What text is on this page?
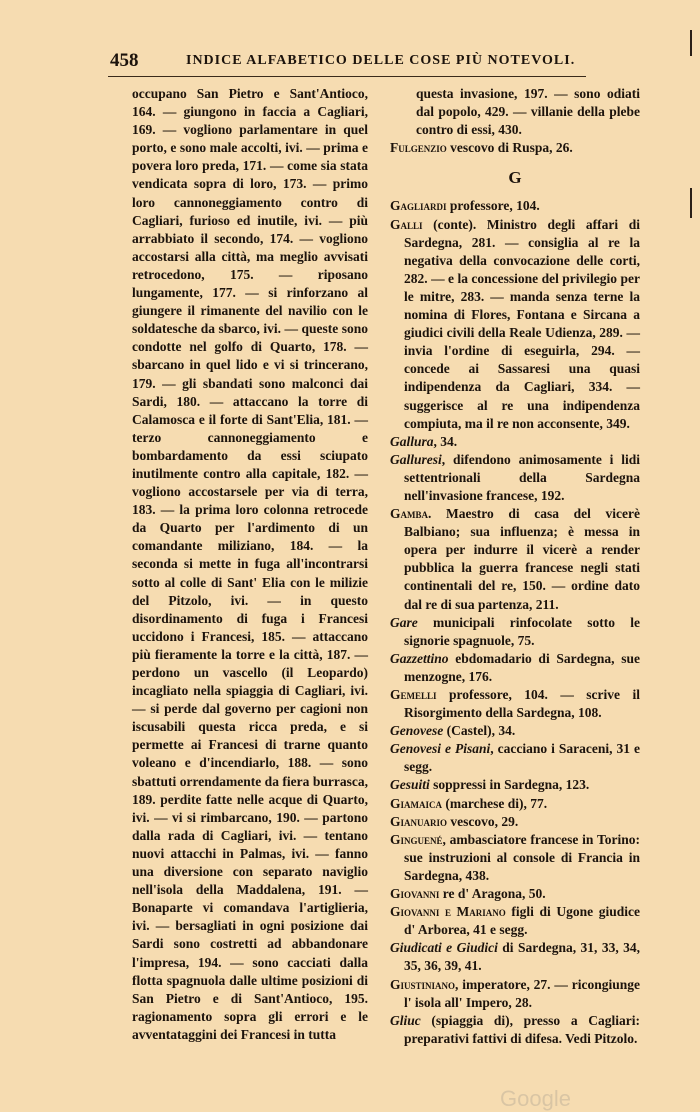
458	INDICE ALFABETICO DELLE COSE PIÙ NOTEVOLI.

occupano San Pietro e Sant'Antioco, 164. — giungono in faccia a Cagliari, 169. — vogliono parlamentare in quel porto, e sono male accolti, ivi. — prima e povera loro preda, 171. — come sia stata vendicata sopra di loro, 173. — primo loro cannoneggiamento contro di Cagliari, furioso ed inutile, ivi. — più arrabbiato il secondo, 174. — vogliono accostarsi alla città, ma meglio avvisati retrocedono, 175. — riposano lungamente, 177. — si rinforzano al giungere il rimanente del navilio con le soldatesche da sbarco, ivi. — queste sono condotte nel golfo di Quarto, 178. — sbarcano in quel lido e vi si trincerano, 179. — gli sbandati sono malconci dai Sardi, 180. — attaccano la torre di Calamosca e il forte di Sant'Elia, 181. — terzo cannoneggiamento e bombardamento da essi sciupato inutilmente contro alla capitale, 182. — vogliono accostarsele per via di terra, 183. — la prima loro colonna retrocede da Quarto per l'ardimento di un comandante miliziano, 184. — la seconda si mette in fuga all'incontrarsi sotto al colle di Sant' Elia con le milizie del Pitzolo, ivi. — in questo disordinamento di fuga i Francesi uccidono i Francesi, 185. — attaccano più fieramente la torre e la città, 187. — perdono un vascello (il Leopardo) incagliato nella spiaggia di Cagliari, ivi. — si perde dal governo per cagioni non iscusabili questa ricca preda, e si permette ai Francesi di trarne quanto voleano e d'incendiarlo, 188. — sono sbattuti orrendamente da fiera burrasca, 189. perdite fatte nelle acque di Quarto, ivi. — vi si rimbarcano, 190. — partono dalla rada di Cagliari, ivi. — tentano nuovi attacchi in Palmas, ivi. — fanno una diversione con separato naviglio nell'isola della Maddalena, 191. — Bonaparte vi comandava l'artiglieria, ivi. — bersagliati in ogni posizione dai Sardi sono costretti ad abbandonare l'impresa, 194. — sono cacciati dalla flotta spagnuola dalle ultime posizioni di San Pietro e di Sant'Antioco, 195. ragionamento sopra gli errori e le avventataggini dei Francesi in tutta

questa invasione, 197. — sono odiati dal popolo, 429. — villanie della plebe contro di essi, 430.

Fulgenzio vescovo di Ruspa, 26.

G

Gagliardi professore, 104.

Galli (conte). Ministro degli affari di Sardegna, 281. — consiglia al re la negativa della convocazione delle corti, 282. — e la concessione del privilegio per le mitre, 283. — manda senza terne la nomina di Flores, Fontana e Sircana a giudici civili della Reale Udienza, 289. — invia l'ordine di eseguirla, 294. — concede ai Sassaresi una quasi indipendenza da Cagliari, 334. — suggerisce al re una indipendenza compiuta, ma il re non acconsente, 349.

Gallura, 34.

Galluresi, difendono animosamente i lidi settentrionali della Sardegna nell'invasione francese, 192.

Gamba. Maestro di casa del vicerè Balbiano; sua influenza; è messa in opera per indurre il vicerè a render pubblica la guerra francese negli stati continentali del re, 150. — ordine dato dal re di sua partenza, 211.

Gare municipali rinfocolate sotto le signorie spagnuole, 75.

Gazzettino ebdomadario di Sardegna, sue menzogne, 176.

Gemelli professore, 104. — scrive il Risorgimento della Sardegna, 108.

Genovese (Castel), 34.

Genovesi e Pisani, cacciano i Saraceni, 31 e segg.

Gesuiti soppressi in Sardegna, 123.

Giamaica (marchese di), 77.

Gianuario vescovo, 29.

Ginguené, ambasciatore francese in Torino: sue instruzioni al console di Francia in Sardegna, 438.

Giovanni re d' Aragona, 50.

Giovanni e Mariano figli di Ugone giudice d' Arborea, 41 e segg.

Giudicati e Giudici di Sardegna, 31, 33, 34, 35, 36, 39, 41.

Giustiniano, imperatore, 27. — ricongiunge l' isola all' Impero, 28.

Gliuc (spiaggia di), presso a Cagliari: preparativi fattivi di difesa. Vedi Pitzolo.

Google
